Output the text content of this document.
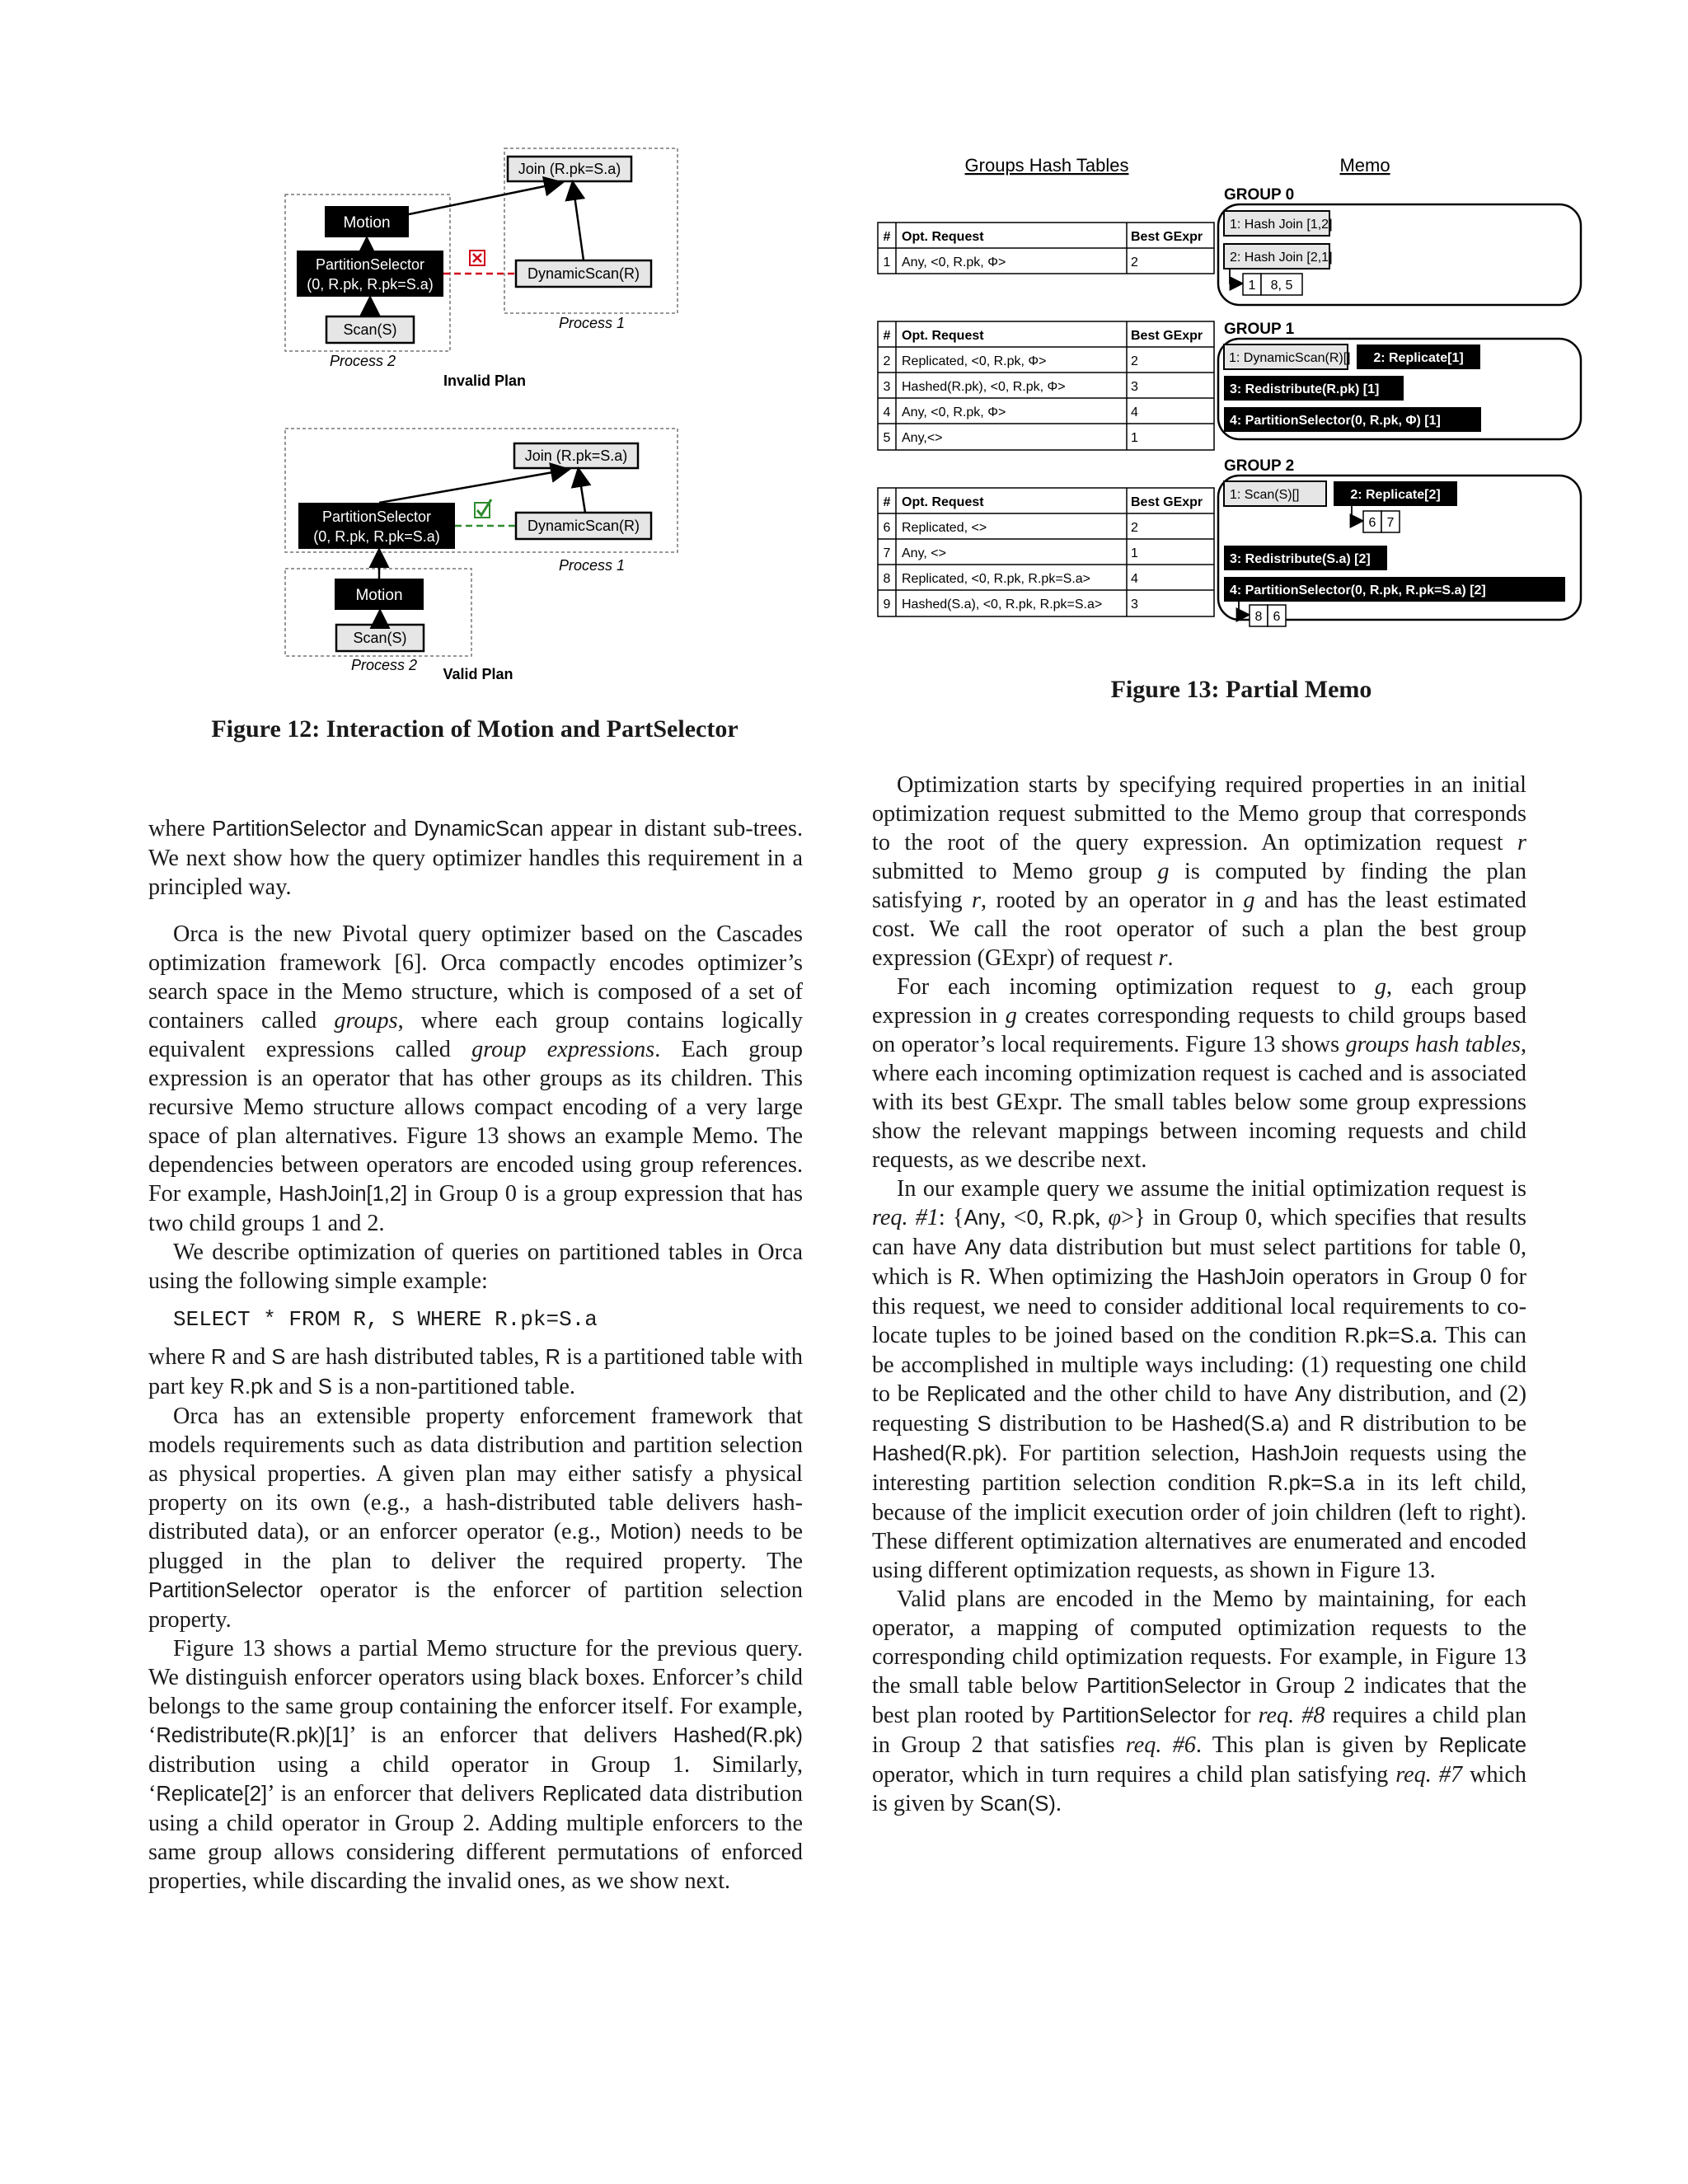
Join (R.pk=S.a)
Motion
PartitionSelector
(0, R.pk, R.pk=S.a)
DynamicScan(R)
Scan(S)	Process 1
Process 2
Invalid Plan
Join (R.pk=S.a)
PartitionSelector
(0, R.pk, R.pk=S.a)
DynamicScan(R)
Motion
Scan(S)
Process 1
Process 2
Valid Plan
Figure 12: Interaction of Motion and PartSelector
Groups Hash Tables	Memo
# Opt. Request	Best GExpr
1 Any, <0, R.pk, Φ>	2
# Opt. Request	Best GExpr
2 Replicated, <0, R.pk, Φ>	2
3 Hashed(R.pk), <0, R.pk, Φ>	3
4 Any, <0, R.pk, Φ>	4
5 Any,<>	1
# Opt. Request	Best GExpr
6 Replicated, <>	2
7 Any, <>	1
8 Replicated, <0, R.pk, R.pk=S.a>	4
9 Hashed(S.a), <0, R.pk, R.pk=S.a> 3
GROUP 0
1: Hash Join [1,2]
2: Hash Join [2,1]
1 8, 5
GROUP 1
1: DynamicScan(R)[] 2: Replicate[1]
3: Redistribute(R.pk) [1]
4: PartitionSelector(0, R.pk, Φ) [1]
GROUP 2
1: Scan(S)[]	2: Replicate[2]
6 7
3: Redistribute(S.a) [2]
4: PartitionSelector(0, R.pk, R.pk=S.a) [2]
8 6
Figure 13: Partial Memo

where PartitionSelector and DynamicScan appear in distant sub-trees. We next show how the query optimizer handles this requirement in a principled way.

Orca is the new Pivotal query optimizer based on the Cascades optimization framework [6]. Orca compactly encodes optimizer’s search space in the Memo structure, which is composed of a set of containers called groups, where each group contains logically equivalent expressions called group expressions. Each group expression is an operator that has other groups as its children. This recursive Memo structure allows compact encoding of a very large space of plan alternatives. Figure 13 shows an example Memo. The dependencies between operators are encoded using group references. For example, HashJoin[1,2] in Group 0 is a group expression that has two child groups 1 and 2.

We describe optimization of queries on partitioned tables in Orca using the following simple example:

SELECT * FROM R, S WHERE R.pk=S.a

where R and S are hash distributed tables, R is a partitioned table with part key R.pk and S is a non-partitioned table.

Orca has an extensible property enforcement framework that models requirements such as data distribution and partition selection as physical properties. A given plan may either satisfy a physical property on its own (e.g., a hash-distributed table delivers hash-distributed data), or an enforcer operator (e.g., Motion) needs to be plugged in the plan to deliver the required property. The PartitionSelector operator is the enforcer of partition selection property.

Figure 13 shows a partial Memo structure for the previous query. We distinguish enforcer operators using black boxes. Enforcer’s child belongs to the same group containing the enforcer itself. For example, ‘Redistribute(R.pk)[1]’ is an enforcer that delivers Hashed(R.pk) distribution using a child operator in Group 1. Similarly, ‘Replicate[2]’ is an enforcer that delivers Replicated data distribution using a child operator in Group 2. Adding multiple enforcers to the same group allows considering different permutations of enforced properties, while discarding the invalid ones, as we show next.

Optimization starts by specifying required properties in an initial optimization request submitted to the Memo group that corresponds to the root of the query expression. An optimization request r submitted to Memo group g is computed by finding the plan satisfying r, rooted by an operator in g and has the least estimated cost. We call the root operator of such a plan the best group expression (GExpr) of request r.

For each incoming optimization request to g, each group expression in g creates corresponding requests to child groups based on operator’s local requirements. Figure 13 shows groups hash tables, where each incoming optimization request is cached and is associated with its best GExpr. The small tables below some group expressions show the relevant mappings between incoming requests and child requests, as we describe next.

In our example query we assume the initial optimization request is req. #1: {Any, <0, R.pk, φ>} in Group 0, which specifies that results can have Any data distribution but must select partitions for table 0, which is R. When optimizing the HashJoin operators in Group 0 for this request, we need to consider additional local requirements to co-locate tuples to be joined based on the condition R.pk=S.a. This can be accomplished in multiple ways including: (1) requesting one child to be Replicated and the other child to have Any distribution, and (2) requesting S distribution to be Hashed(S.a) and R distribution to be Hashed(R.pk). For partition selection, HashJoin requests using the interesting partition selection condition R.pk=S.a in its left child, because of the implicit execution order of join children (left to right). These different optimization alternatives are enumerated and encoded using different optimization requests, as shown in Figure 13.

Valid plans are encoded in the Memo by maintaining, for each operator, a mapping of computed optimization requests to the corresponding child optimization requests. For example, in Figure 13 the small table below PartitionSelector in Group 2 indicates that the best plan rooted by PartitionSelector for req. #8 requires a child plan in Group 2 that satisfies req. #6. This plan is given by Replicate operator, which in turn requires a child plan satisfying req. #7 which is given by Scan(S).
